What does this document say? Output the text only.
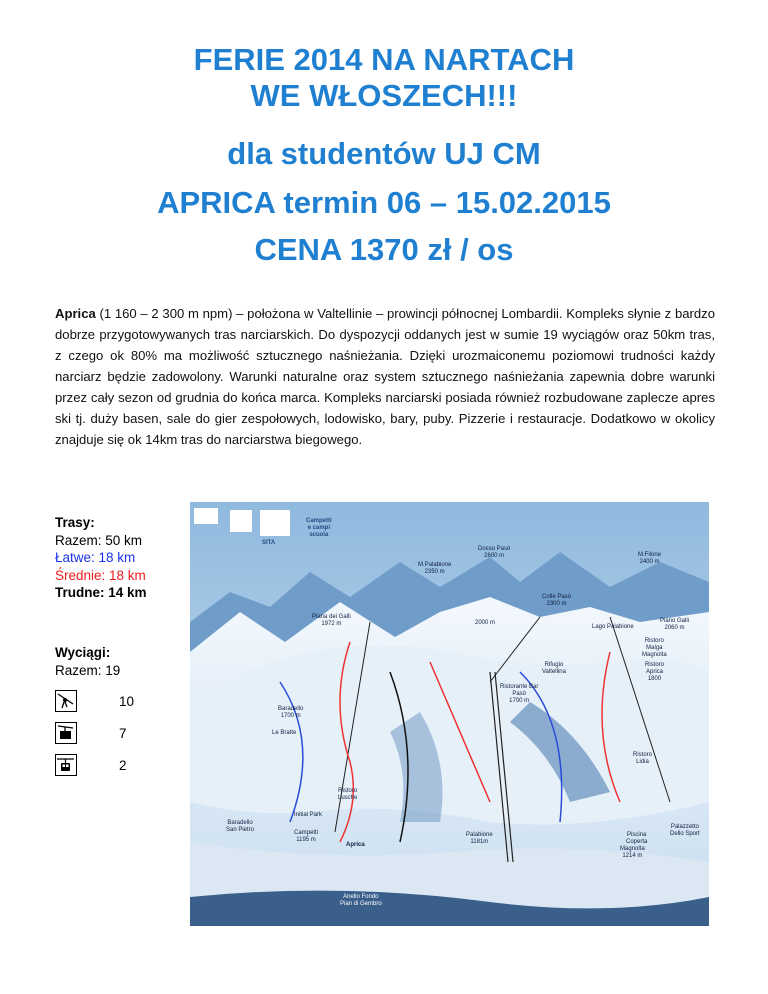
FERIE 2014 NA NARTACH
WE WŁOSZECH!!!
dla studentów UJ CM
APRICA termin 06 – 15.02.2015
CENA 1370 zł / os

Aprica (1 160 – 2 300 m npm) – położona w Valtellinie – prowincji północnej Lombardii. Kompleks słynie z bardzo dobrze przygotowywanych tras narciarskich. Do dyspozycji oddanych jest w sumie 19 wyciągów oraz 50km tras, z czego ok 80% ma możliwość sztucznego naśnieżania. Dzięki urozmaiconemu poziomowi trudności każdy narciarz będzie zadowolony. Warunki naturalne oraz system sztucznego naśnieżania zapewnia dobre warunki przez cały sezon od grudnia do końca marca. Kompleks narciarski posiada również rozbudowane zaplecze apres ski tj. duży basen, sale do gier zespołowych, lodowisko, bary, puby. Pizzerie i restauracje. Dodatkowo w okolicy znajduje się ok 14km tras do narciarstwa biegowego.

Trasy:
Razem: 50 km
Łatwe: 18 km
Średnie: 18 km
Trudne: 14 km
Wyciągi:
Razem: 19
10
7
2
Dosso Pasò
2600 m
M.Palabione
2350 m
M.Filone
2400 m
Colle Pasò
2300 m
Piana dei Galli
1972 m	Lago Palabione
Piano Galli
2060 m
Ristoro
Malga
Magnolta
Ristoro
Aprica
1800
Rifugio
Valtellina
2000 m
Baradello
1700 m
Le Bratte
Ristorante Bar
Pasò
1700 m
Ristoro
Lidia
Ristoro
Lusche
Initial Park
Baradello
San Pietro	Campetti
1195 m
Aprica
Palabione
1181m
Piscina
Coperta
Palazzetto
Dello Sport
Magnolta
1214 m
Anello Fondo
Pian di Gembro
SITA
Campetti
e campi
scuola
